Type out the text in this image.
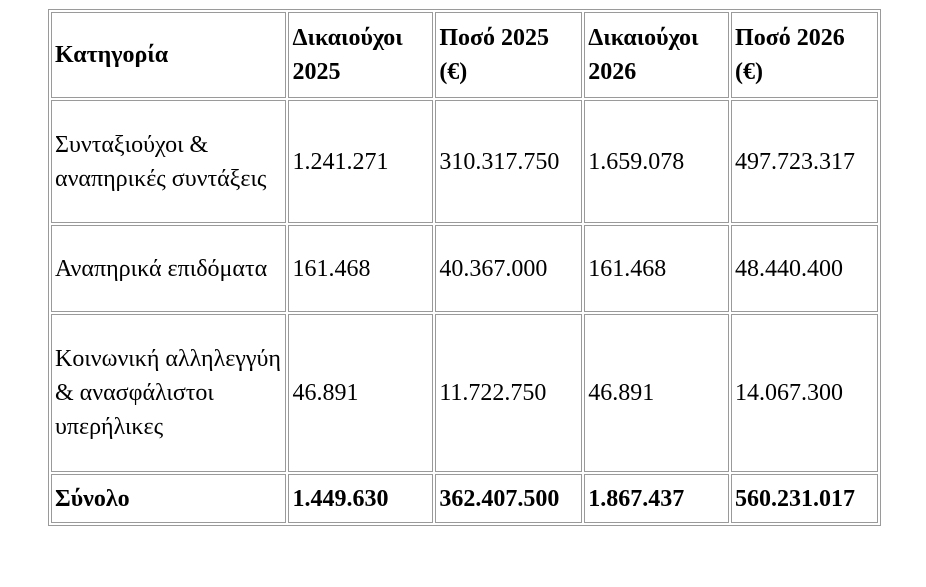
Κατηγορία	Δικαιούχοι 2025	Ποσό 2025 (€)	Δικαιούχοι 2026	Ποσό 2026 (€)
Συνταξιούχοι & αναπηρικές συντάξεις	1.241.271	310.317.750	1.659.078	497.723.317
Αναπηρικά επιδόματα	161.468	40.367.000	161.468	48.440.400
Κοινωνική αλληλεγγύη & ανασφάλιστοι υπερήλικες	46.891	11.722.750	46.891	14.067.300
Σύνολο	1.449.630	362.407.500	1.867.437	560.231.017
